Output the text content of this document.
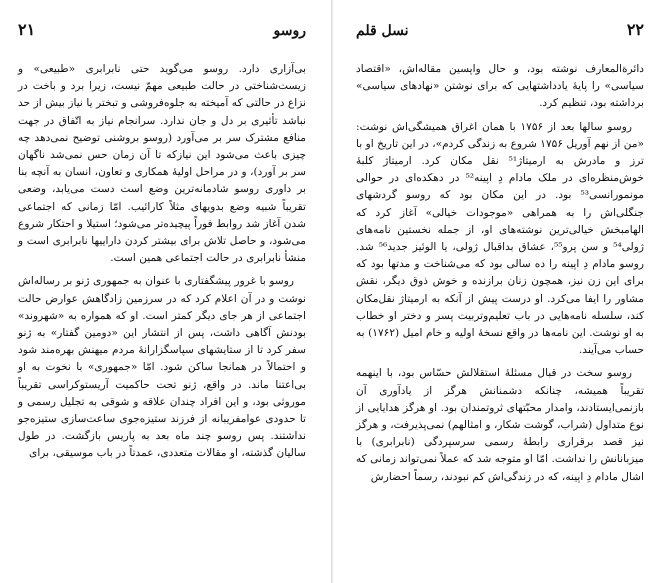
روسو
۲۱

بی‌آزاری دارد. روسو می‌گوید حتی نابرابری «طبیعی» و زیست‌شناختی در حالت طبیعی مهمّ نیست، زیرا برد و باخت در نزاع در حالتی که آمیخته به جلوه‌فروشی و تبختر یا نیاز بیش از حد نباشد تأثیری بر دل و جان ندارد. سرانجام نیاز به اتّفاق در جهت منافع مشترک سر بر می‌آورد (روسو بروشنی توضیح نمی‌دهد چه چیزی باعث می‌شود این نیازکه تا آن زمان حس نمی‌شد ناگهان سر بر آورد)، و در مراحل اولیهٔ همکاری و تعاون، انسان به آنچه بنا بر داوری روسو شادمانه‌ترین وضع است دست می‌یابد، وضعی تقریباً شبیه وضع بدویهای مثلاً کارائیب. امّا زمانی که اجتماعی شدن آغاز شد روابط فوراً پیچیده‌تر می‌شود؛ استیلا و احتکار شروع می‌شود، و حاصل تلاش برای بیشتر کردن داراییها نابرابری است و منشأ نابرابری در حالت اجتماعی همین است.

روسو با غرور پیشگفتاری با عنوان به جمهوری ژنو بر رساله‌اش نوشت و در آن اعلام کرد که در سرزمین زادگاهش عوارض حالت اجتماعی از هر جای دیگر کمتر است. او که همواره به «شهروند» بودنش آگاهی داشت، پس از انتشار این «دومین گفتار» به ژنو سفر کرد تا از ستایشهای سپاسگزارانهٔ مردم میهنش بهره‌مند شود و احتمالاً در همانجا ساکن شود. امّا «جمهوری» با نخوت به او بی‌اعتنا ماند. در واقع، ژنو تحت حاکمیت آریستوکراسی تقریباً موروثی بود، و این افراد چندان علاقه و شوقی به تجلیل رسمی و تا حدودی عوامفریبانه از فرزند ستیزه‌جوی ساعت‌سازی ستیزه‌جو نداشتند. پس روسو چند ماه بعد به پاریس بازگشت. در طول سالیان گذشته، او مقالات متعددی، عمدتاً در باب موسیقی، برای

۲۲
نسل قلم

دائرةالمعارف نوشته بود، و حال واپسین مقاله‌اش، «اقتصاد سیاسی» را پایهٔ یادداشتهایی که برای نوشتن «نهادهای سیاسی» برداشته بود، تنظیم کرد.

روسو سالها بعد از ۱۷۵۶ با همان اغراق همیشگی‌اش نوشت: «من از نهم آوریل ۱۷۵۶ شروع به زندگی کردم»، در این تاریخ او با ترز و مادرش به ارمیتاژ⁵¹ نقل مکان کرد. ارمیتاژ کلبهٔ خوش‌منظره‌ای در ملک مادام دِ اپینه⁵² در دهکده‌ای در حوالی مونمورانسی⁵³ بود. در این مکان بود که روسو گردشهای جنگلی‌اش را به همراهی «موجودات خیالی» آغاز کرد که الهامبخش خیالی‌ترین نوشته‌های او، از جمله نخستین نامه‌های ژولی⁵⁴ و سن پرو⁵⁵، عشاق بداقبال ژولی، یا الوئیز جدید⁵⁶ شد. روسو مادام دِ اپینه را ده سالی بود که می‌شناخت و مدتها بود که برای این زن نیز، همچون زنان برازنده و خوش ذوق دیگر، نقش مشاور را ایفا می‌کرد. او درست پیش از آنکه به ارمیتاژ نقل‌مکان کند، سلسله نامه‌هایی در باب تعلیم‌وتربیت پسر و دختر او خطاب به او نوشت. این نامه‌ها در واقع نسخهٔ اولیه و خام امیل (۱۷۶۲) به حساب می‌آیند.

روسو سخت در قبال مسئلهٔ استقلالش حسّاس بود، با اینهمه تقریباً همیشه، چنانکه دشمنانش هرگز از یادآوری آن بازنمی‌ایستادند، وامدار محبّتهای ثروتمندان بود. او هرگز هدایایی از نوع متداول (شراب، گوشت شکار، و امثالهم) نمی‌پذیرفت، و هرگز نیز قصد برقراری رابطهٔ رسمی سرسپردگی (نابرابری) با میزبانانش را نداشت. امّا او متوجه شد که عملاً نمی‌تواند زمانی که اشال مادام دِ اپینه، که در زندگی‌اش کم نبودند، رسماً احضارش
